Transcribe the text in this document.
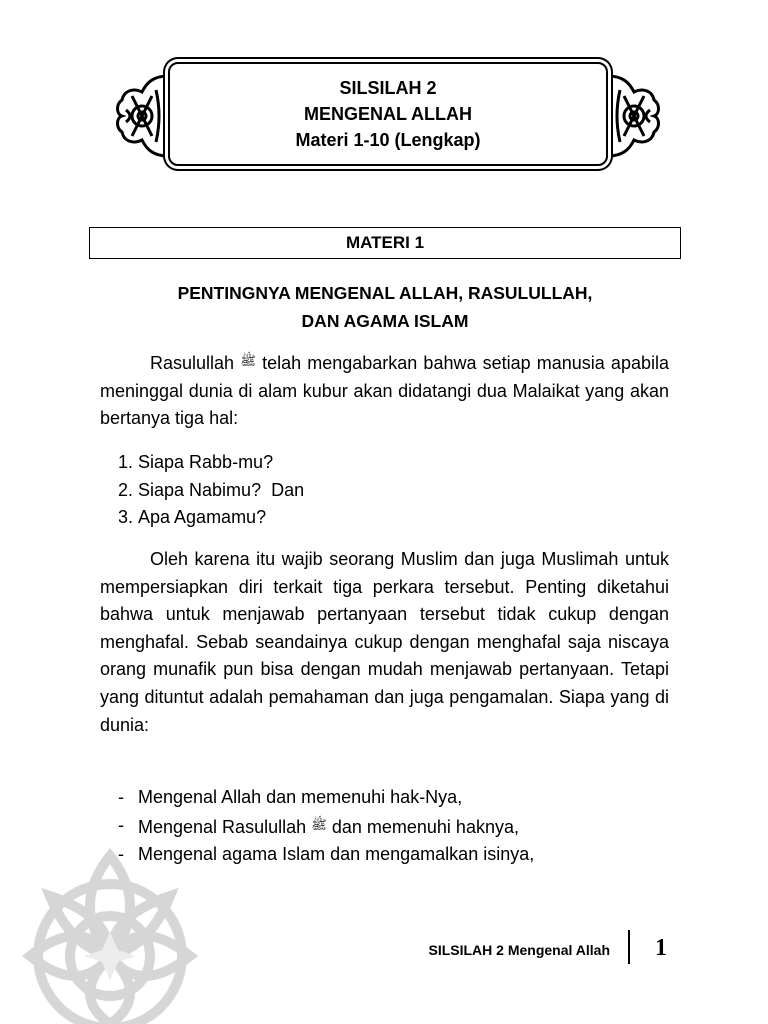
SILSILAH 2
MENGENAL ALLAH
Materi 1-10 (Lengkap)
MATERI 1
PENTINGNYA MENGENAL ALLAH, RASULULLAH,
DAN AGAMA ISLAM
Rasulullah $^ﷺ$ telah mengabarkan bahwa setiap manusia apabila meninggal dunia di alam kubur akan didatangi dua Malaikat yang akan bertanya tiga hal:
1. Siapa Rabb-mu?
2. Siapa Nabimu?  Dan
3. Apa Agamamu?
Oleh karena itu wajib seorang Muslim dan juga Muslimah untuk mempersiapkan diri terkait tiga perkara tersebut. Penting diketahui bahwa untuk menjawab pertanyaan tersebut tidak cukup dengan menghafal. Sebab seandainya cukup dengan menghafal saja niscaya orang munafik pun bisa dengan mudah menjawab pertanyaan. Tetapi yang dituntut adalah pemahaman dan juga pengamalan. Siapa yang di dunia:
- Mengenal Allah dan memenuhi hak-Nya,
- Mengenal Rasulullah $^ﷺ$ dan memenuhi haknya,
- Mengenal agama Islam dan mengamalkan isinya,
SILSILAH 2 Mengenal Allah 1
